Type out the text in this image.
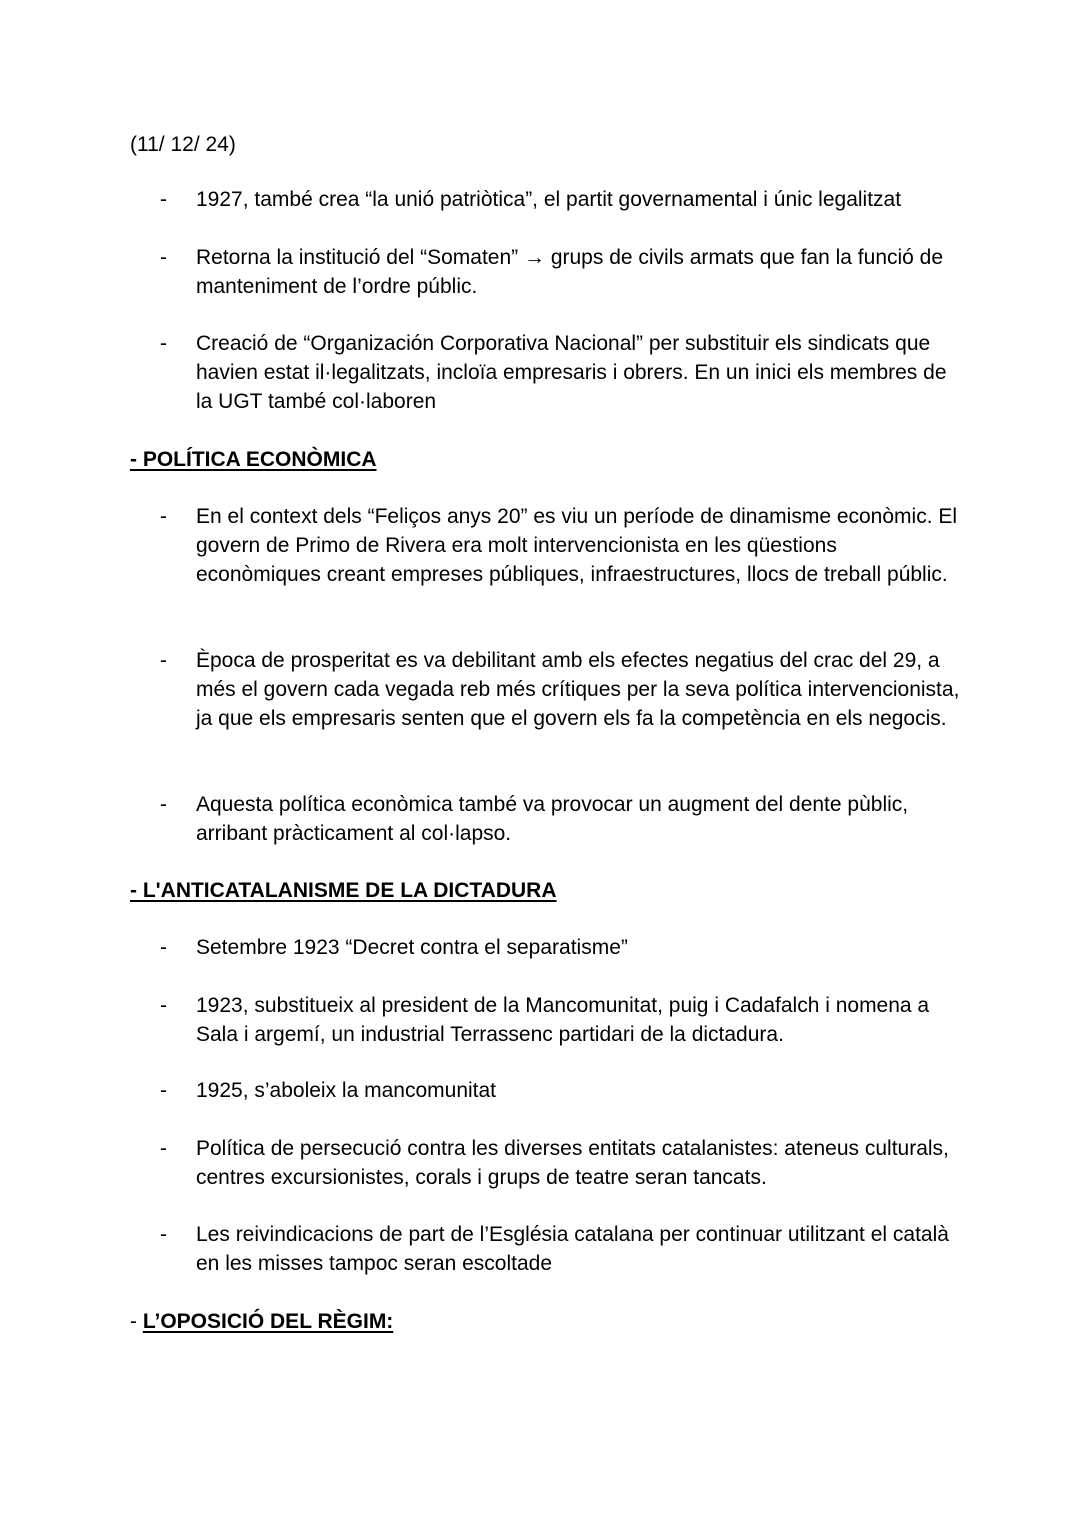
(11/ 12/ 24)
- 1927, també crea “la unió patriòtica”, el partit governamental i únic legalitzat
- Retorna la institució del “Somaten” → grups de civils armats que fan la funció de manteniment de l’ordre públic.
- Creació de “Organización Corporativa Nacional” per substituir els sindicats que havien estat il·legalitzats, incloïa empresaris i obrers. En un inici els membres de la UGT també col·laboren
- POLÍTICA ECONÒMICA
- En el context dels “Feliços anys 20” es viu un període de dinamisme econòmic. El govern de Primo de Rivera era molt intervencionista en les qüestions econòmiques creant empreses públiques, infraestructures, llocs de treball públic.
- Època de prosperitat es va debilitant amb els efectes negatius del crac del 29, a més el govern cada vegada reb més crítiques per la seva política intervencionista, ja que els empresaris senten que el govern els fa la competència en els negocis.
- Aquesta política econòmica també va provocar un augment del dente pùblic, arribant pràcticament al col·lapso.
- L'ANTICATALANISME DE LA DICTADURA
- Setembre 1923 “Decret contra el separatisme”
- 1923, substitueix al president de la Mancomunitat, puig i Cadafalch i nomena a Sala i argemí, un industrial Terrassenc partidari de la dictadura.
- 1925, s’aboleix la mancomunitat
- Política de persecució contra les diverses entitats catalanistes: ateneus culturals, centres excursionistes, corals i grups de teatre seran tancats.
- Les reivindicacions de part de l’Església catalana per continuar utilitzant el català en les misses tampoc seran escoltade
- L’OPOSICIÓ DEL RÈGIM:
